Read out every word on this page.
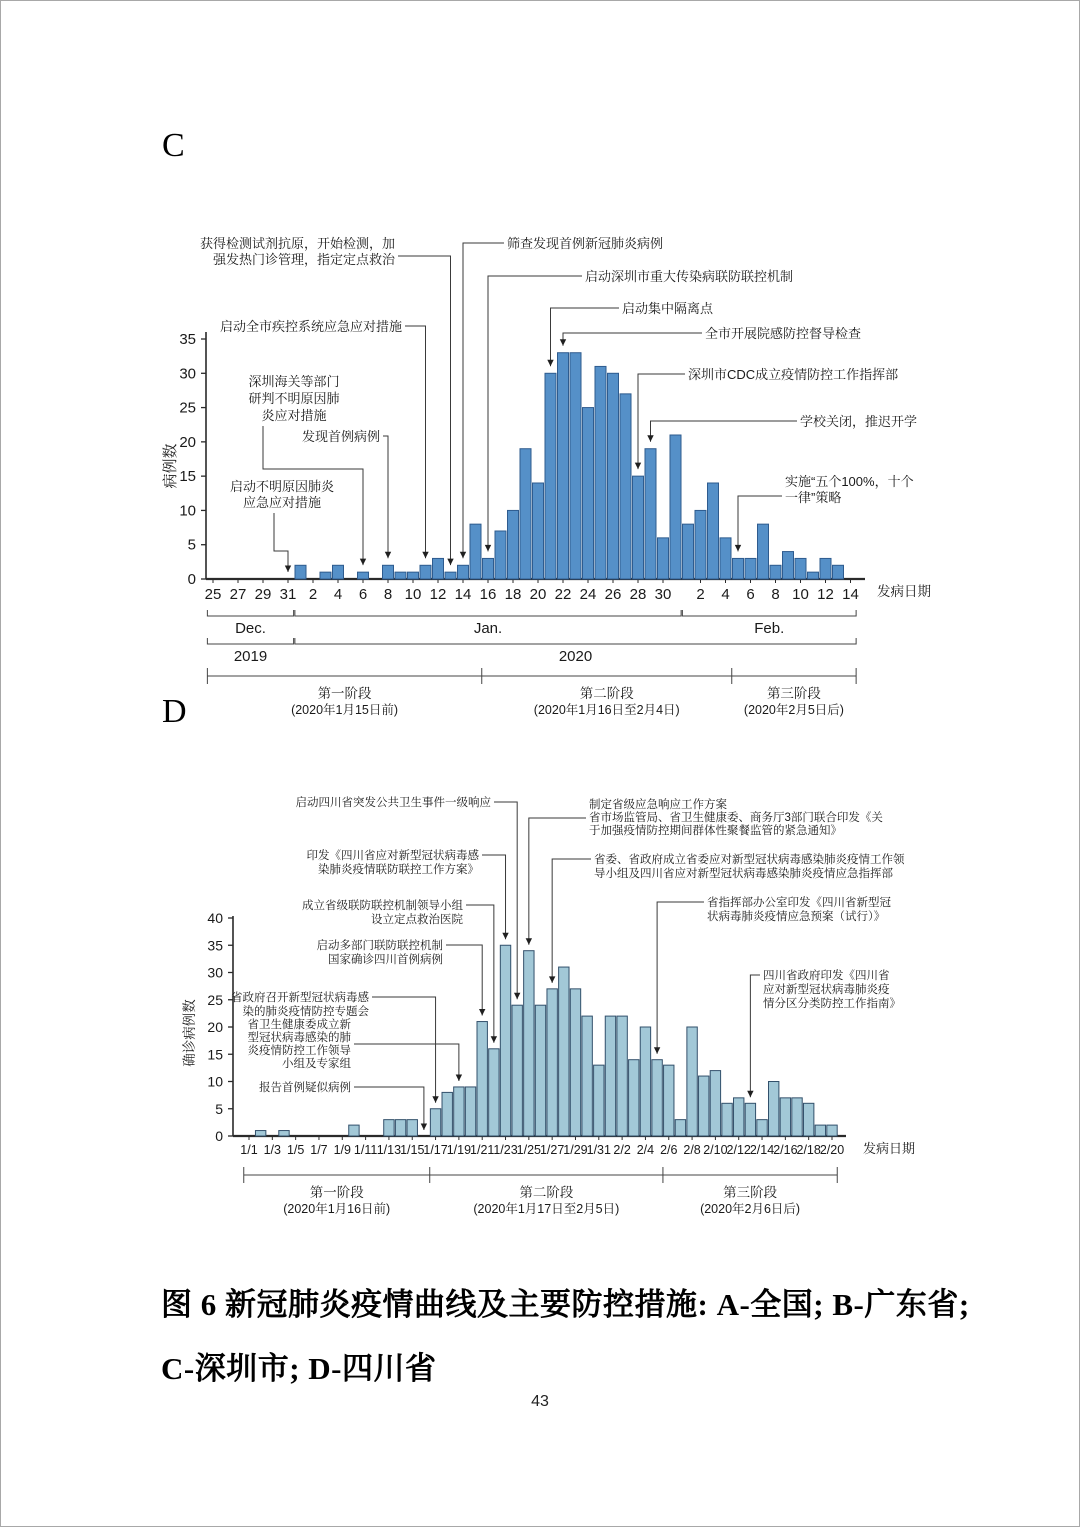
C
0
5
10
15
20
25
30
35
病例数
25 27 29 31 2 4 6 8 10 12 14 16 18 20 22 24 26 28 30 2 4 6 8 10 12 14 发病日期
Dec.	Jan.	Feb.
2019	2020
第一阶段
(2020年1月15日前)
第二阶段
(2020年1月16日至2月4日)
第三阶段
(2020年2月5日后)
获得检测试剂抗原，开始检测，加
强发热门诊管理，指定定点救治
筛查发现首例新冠肺炎病例
启动深圳市重大传染病联防联控机制
启动集中隔离点
全市开展院感防控督导检查
启动全市疾控系统应急应对措施
深圳市CDC成立疫情防控工作指挥部
学校关闭，推迟开学
实施“五个100%，十个
一律”策略
深圳海关等部门
研判不明原因肺
炎应对措施
发现首例病例
启动不明原因肺炎
应急应对措施
D
0
5
10
15
20
25
30
35
40
确诊病例数
1/1 1/3 1/5 1/7 1/9 1/11 1/13
1/15
1/17
1/19
1/21
1/23
1/25
1/27
1/29
1/31 2/2 2/4 2/6 2/8 2/10
2/12
2/14
2/16
2/18
2/20 发病日期
第一阶段
(2020年1月16日前)
第二阶段
(2020年1月17日至2月5日)
第三阶段
(2020年2月6日后)
启动四川省突发公共卫生事件一级响应	制定省级应急响应工作方案
省市场监管局、省卫生健康委、商务厅3部门联合印发《关
于加强疫情防控期间群体性聚餐监管的紧急通知》
印发《四川省应对新型冠状病毒感
染肺炎疫情联防联控工作方案》
省委、省政府成立省委应对新型冠状病毒感染肺炎疫情工作领
导小组及四川省应对新型冠状病毒感染肺炎疫情应急指挥部
成立省级联防联控机制领导小组
设立定点救治医院
省指挥部办公室印发《四川省新型冠
状病毒肺炎疫情应急预案（试行）》
启动多部门联防联控机制
国家确诊四川首例病例
省政府召开新型冠状病毒感
染的肺炎疫情防控专题会
省卫生健康委成立新
型冠状病毒感染的肺
炎疫情防控工作领导
小组及专家组
报告首例疑似病例
四川省政府印发《四川省
应对新型冠状病毒肺炎疫
情分区分类防控工作指南》
图 6 新冠肺炎疫情曲线及主要防控措施: A-全国; B-广东省;
C-深圳市; D-四川省
43
